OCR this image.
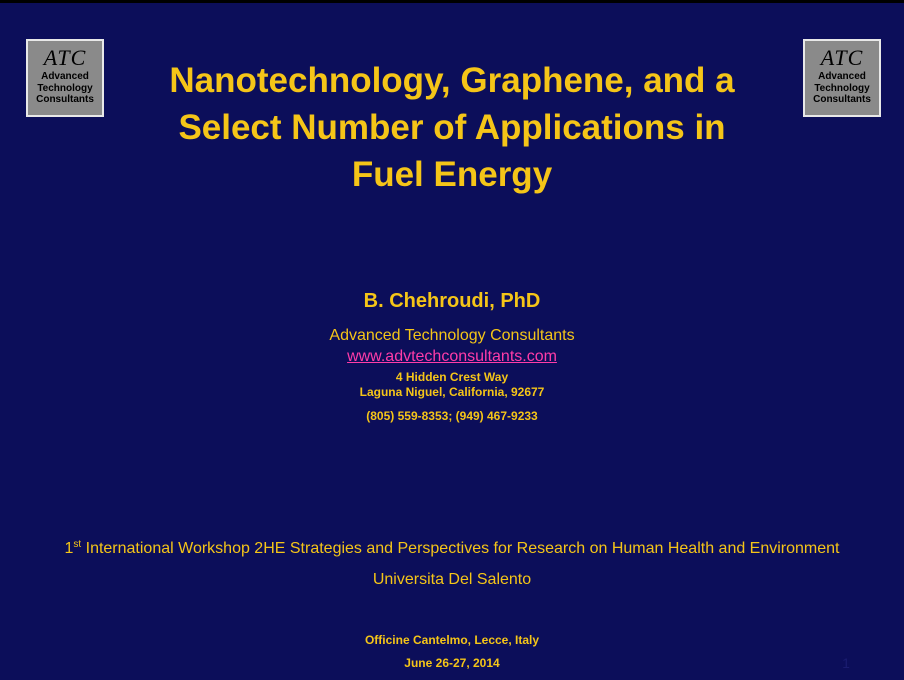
ATC
Advanced
Technology
Consultants
ATC
Advanced
Technology
Consultants
Nanotechnology, Graphene, and a
Select Number of Applications in
Fuel Energy
B. Chehroudi, PhD
Advanced Technology Consultants
www.advtechconsultants.com
4 Hidden Crest Way
Laguna Niguel, California, 92677
(805) 559-8353; (949) 467-9233
1st International Workshop 2HE Strategies and Perspectives for Research on Human Health and Environment
Universita Del Salento
Officine Cantelmo, Lecce, Italy
June 26-27, 2014	1
